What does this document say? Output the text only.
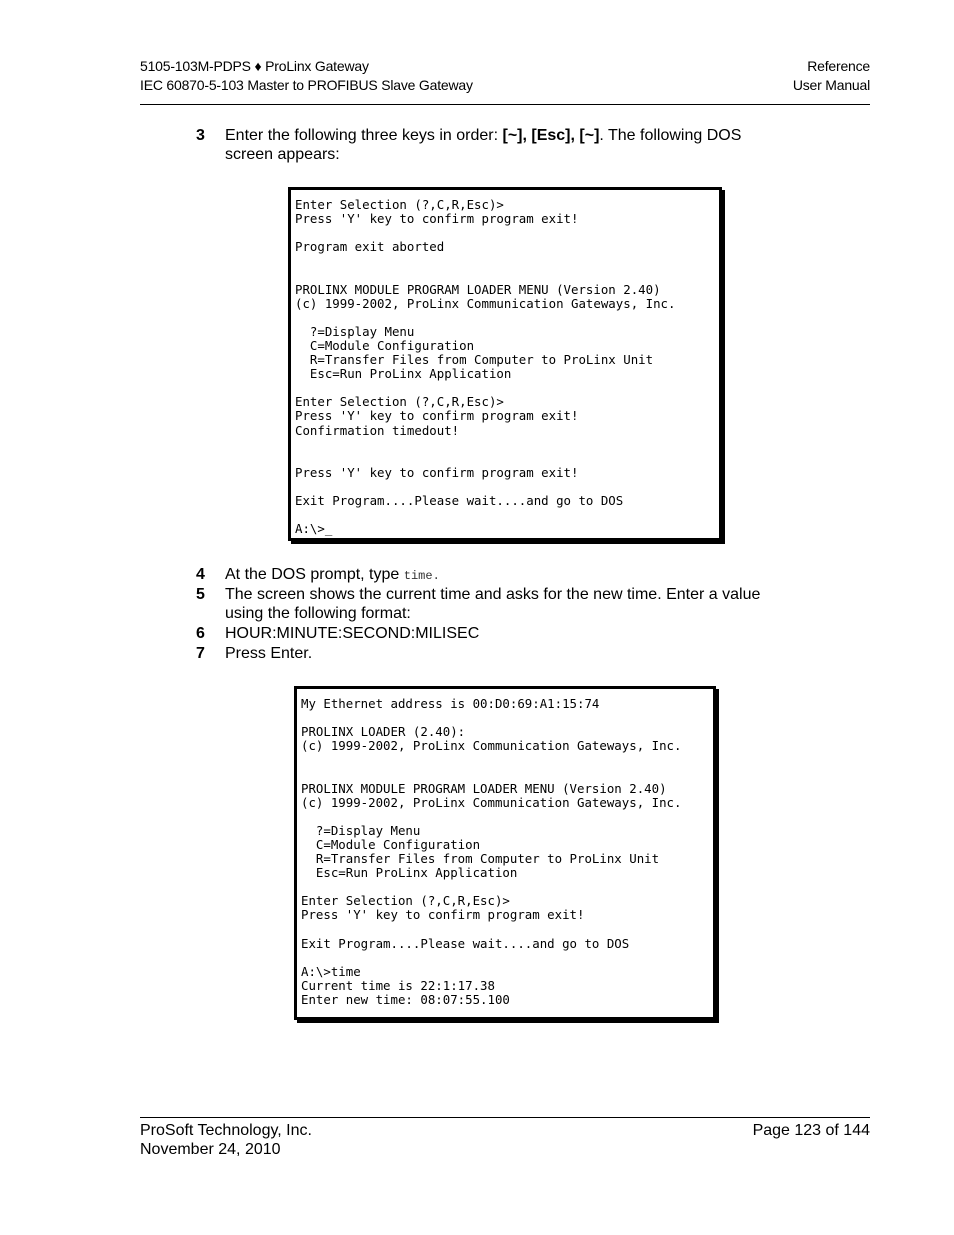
5105-103M-PDPS ♦ ProLinx Gateway
IEC 60870-5-103 Master to PROFIBUS Slave Gateway
Reference
User Manual
3 Enter the following three keys in order: [~], [Esc], [~]. The following DOS
screen appears:
Enter Selection (?,C,R,Esc)>
Press 'Y' key to confirm program exit!
Program exit aborted
PROLINX MODULE PROGRAM LOADER MENU (Version 2.40)
(c) 1999-2002, ProLinx Communication Gateways, Inc.
?=Display Menu
C=Module Configuration
R=Transfer Files from Computer to ProLinx Unit
Esc=Run ProLinx Application
Enter Selection (?,C,R,Esc)>
Press 'Y' key to confirm program exit!
Confirmation timedout!
Press 'Y' key to confirm program exit!
Exit Program....Please wait....and go to DOS
A:\>_
4 At the DOS prompt, type time.
5 The screen shows the current time and asks for the new time. Enter a value
using the following format:
6 HOUR:MINUTE:SECOND:MILISEC
7 Press Enter.
My Ethernet address is 00:D0:69:A1:15:74
PROLINX LOADER (2.40):
(c) 1999-2002, ProLinx Communication Gateways, Inc.
PROLINX MODULE PROGRAM LOADER MENU (Version 2.40)
(c) 1999-2002, ProLinx Communication Gateways, Inc.
?=Display Menu
C=Module Configuration
R=Transfer Files from Computer to ProLinx Unit
Esc=Run ProLinx Application
Enter Selection (?,C,R,Esc)>
Press 'Y' key to confirm program exit!
Exit Program....Please wait....and go to DOS
A:\>time
Current time is 22:1:17.38
Enter new time: 08:07:55.100
ProSoft Technology, Inc.
November 24, 2010
Page 123 of 144
